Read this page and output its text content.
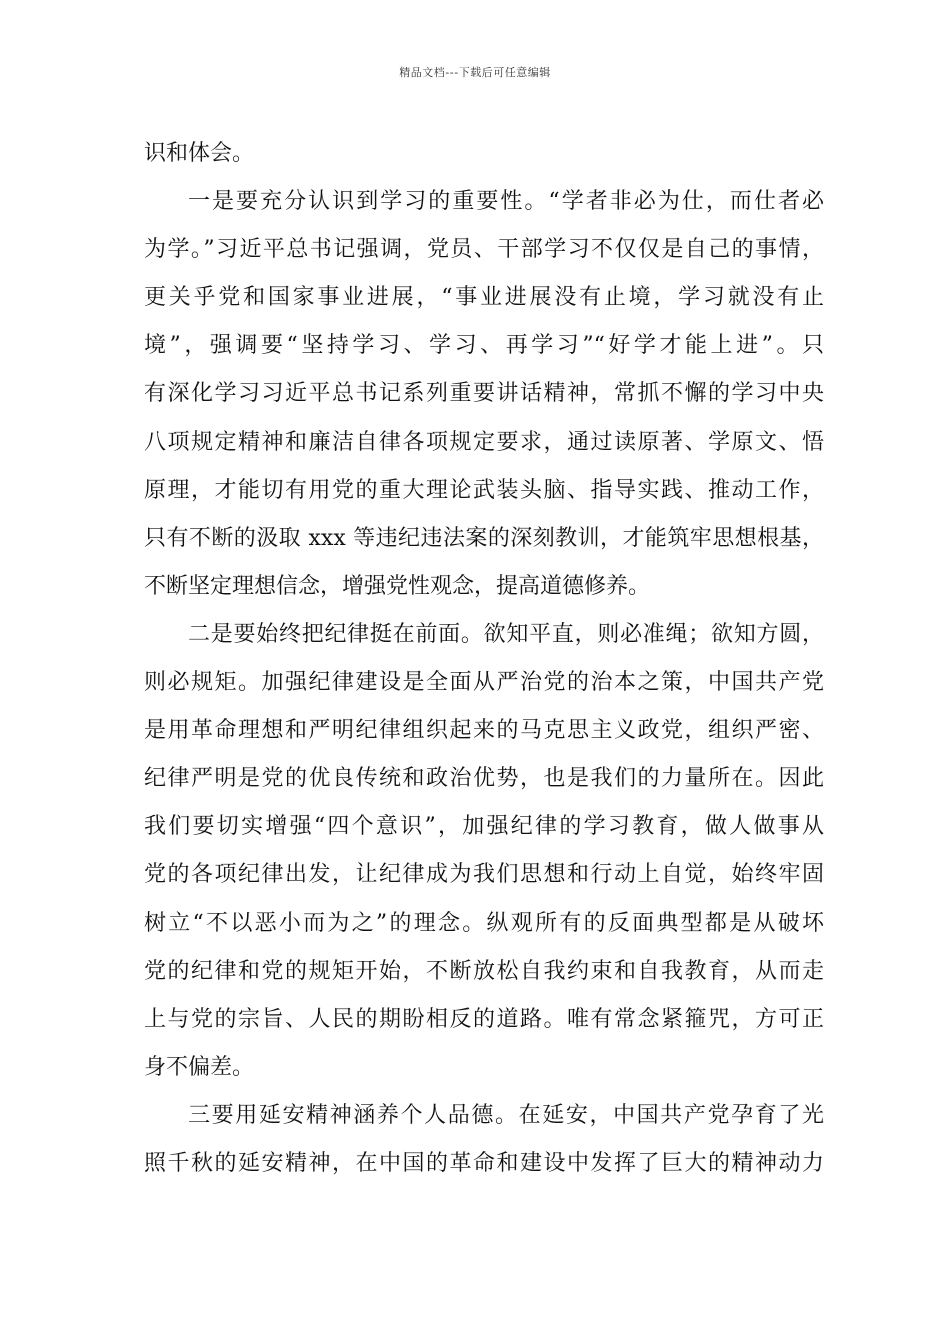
精品文档---下载后可任意编辑
识和体会。
一是要充分认识到学习的重要性。“学者非必为仕，而仕者必
为学。”习近平总书记强调，党员、干部学习不仅仅是自己的事情，
更关乎党和国家事业进展，“事业进展没有止境，学习就没有止
境”，强调要“坚持学习、学习、再学习”“好学才能上进”。只
有深化学习习近平总书记系列重要讲话精神，常抓不懈的学习中央
八项规定精神和廉洁自律各项规定要求，通过读原著、学原文、悟
原理，才能切有用党的重大理论武装头脑、指导实践、推动工作，
只有不断的汲取 xxx 等违纪违法案的深刻教训，才能筑牢思想根基，
不断坚定理想信念，增强党性观念，提高道德修养。
二是要始终把纪律挺在前面。欲知平直，则必准绳；欲知方圆，
则必规矩。加强纪律建设是全面从严治党的治本之策，中国共产党
是用革命理想和严明纪律组织起来的马克思主义政党，组织严密、
纪律严明是党的优良传统和政治优势，也是我们的力量所在。因此
我们要切实增强“四个意识”，加强纪律的学习教育，做人做事从
党的各项纪律出发，让纪律成为我们思想和行动上自觉，始终牢固
树立“不以恶小而为之”的理念。纵观所有的反面典型都是从破坏
党的纪律和党的规矩开始，不断放松自我约束和自我教育，从而走
上与党的宗旨、人民的期盼相反的道路。唯有常念紧箍咒，方可正
身不偏差。
三要用延安精神涵养个人品德。在延安，中国共产党孕育了光
照千秋的延安精神，在中国的革命和建设中发挥了巨大的精神动力
